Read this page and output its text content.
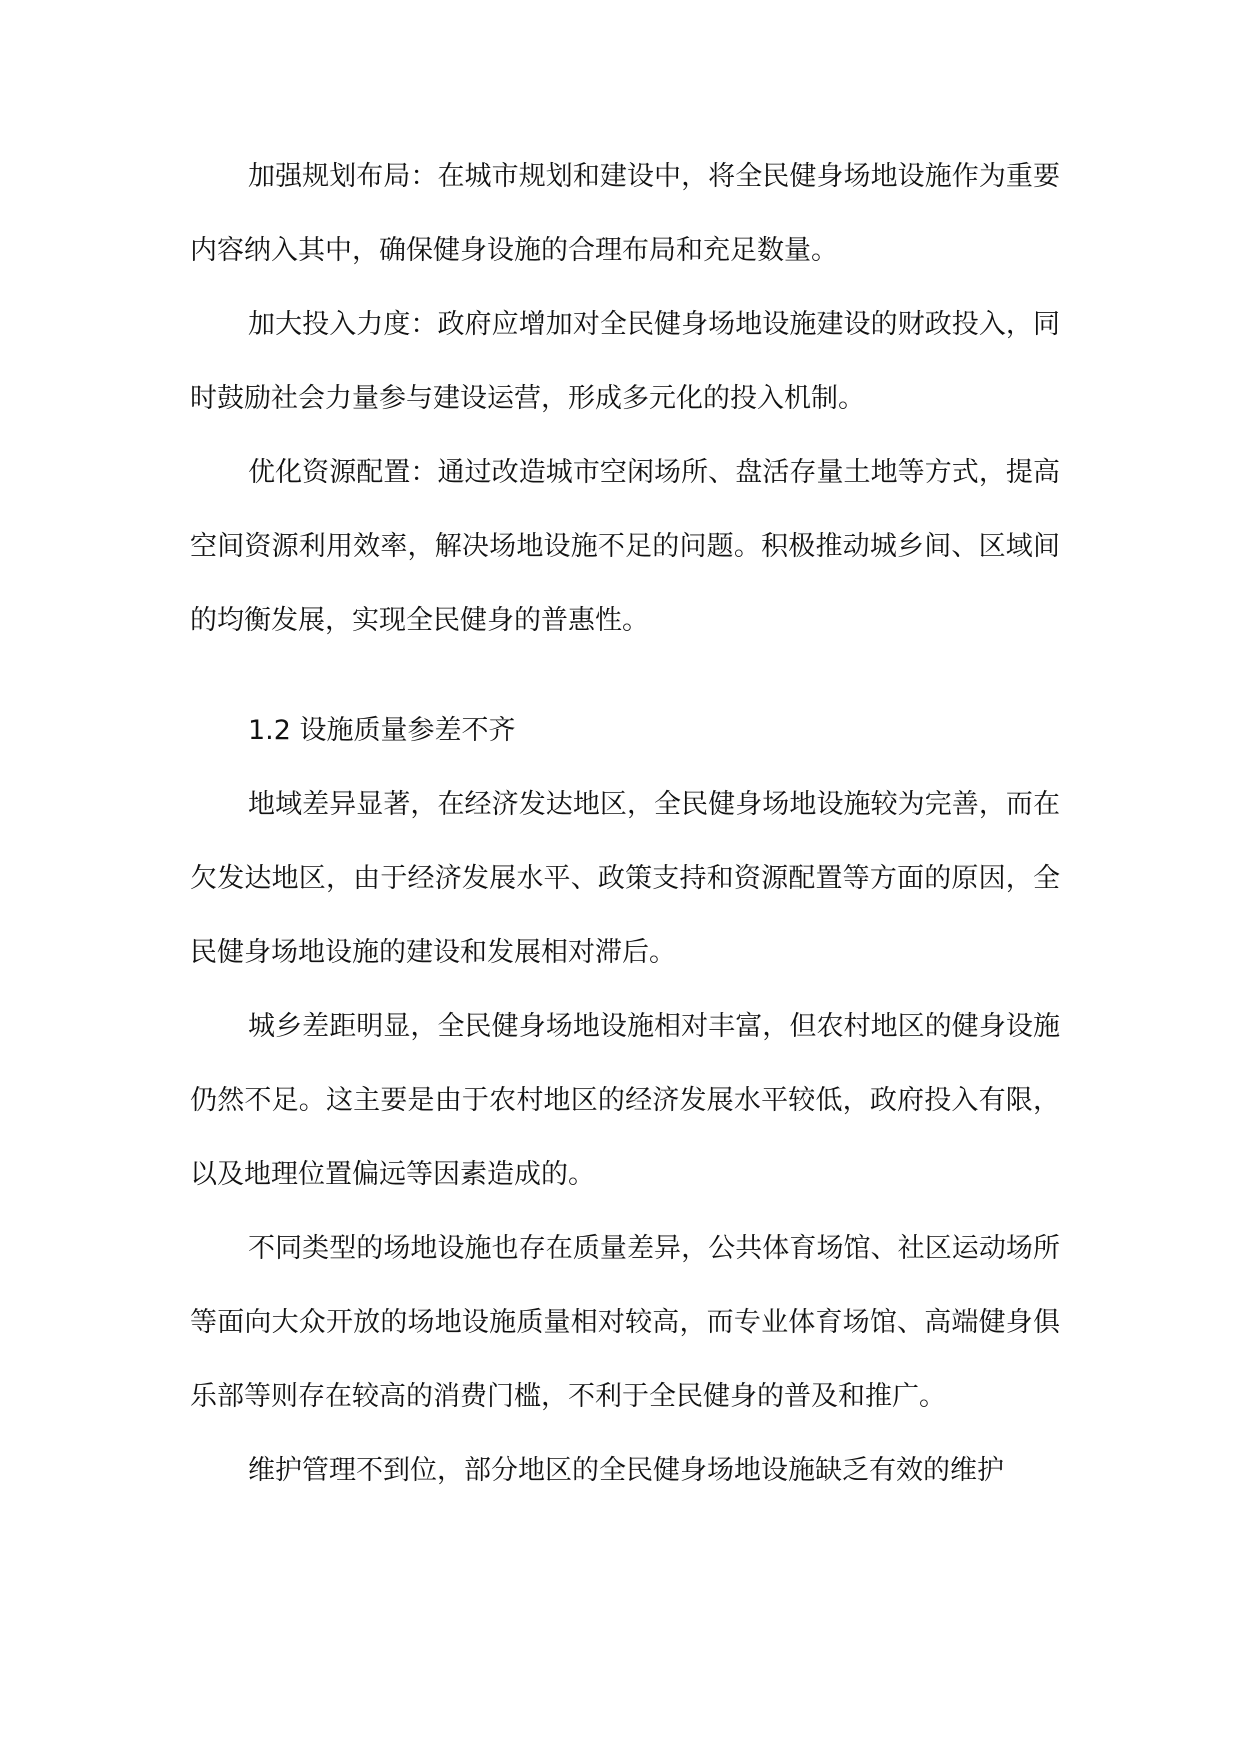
加强规划布局：在城市规划和建设中，将全民健身场地设施作为重要内容纳入其中，确保健身设施的合理布局和充足数量。

加大投入力度：政府应增加对全民健身场地设施建设的财政投入，同时鼓励社会力量参与建设运营，形成多元化的投入机制。

优化资源配置：通过改造城市空闲场所、盘活存量土地等方式，提高空间资源利用效率，解决场地设施不足的问题。积极推动城乡间、区域间的均衡发展，实现全民健身的普惠性。

1.2 设施质量参差不齐

地域差异显著，在经济发达地区，全民健身场地设施较为完善，而在欠发达地区，由于经济发展水平、政策支持和资源配置等方面的原因，全民健身场地设施的建设和发展相对滞后。

城乡差距明显，全民健身场地设施相对丰富，但农村地区的健身设施仍然不足。这主要是由于农村地区的经济发展水平较低，政府投入有限，以及地理位置偏远等因素造成的。

不同类型的场地设施也存在质量差异，公共体育场馆、社区运动场所等面向大众开放的场地设施质量相对较高，而专业体育场馆、高端健身俱乐部等则存在较高的消费门槛，不利于全民健身的普及和推广。

维护管理不到位，部分地区的全民健身场地设施缺乏有效的维护
